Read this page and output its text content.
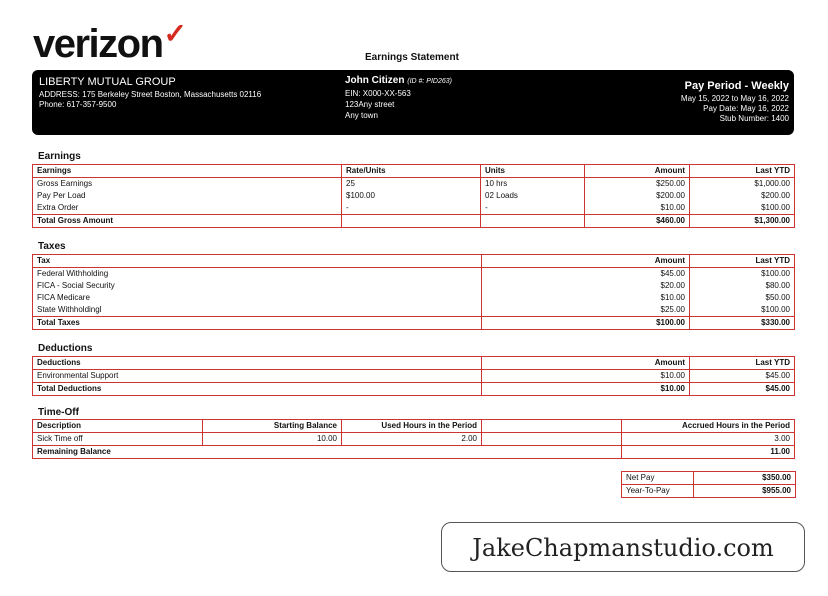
verizon✓
Earnings Statement
LIBERTY MUTUAL GROUP
ADDRESS: 175 Berkeley Street Boston, Massachusetts 02116
Phone: 617-357-9500
John Citizen (ID #: PID263)
EIN: X000-XX-563
123Any street
Any town
Pay Period - Weekly
May 15, 2022 to May 16, 2022
Pay Date: May 16, 2022
Stub Number: 1400
Earnings
Earnings	Rate/Units	Units	Amount	Last YTD
Gross Earnings	25	10 hrs	$250.00	$1,000.00
Pay Per Load	$100.00	02 Loads	$200.00	$200.00
Extra Order	-	-	$10.00	$100.00
Total Gross Amount			$460.00	$1,300.00
Taxes
Tax	Amount	Last YTD
Federal Withholding	$45.00	$100.00
FICA - Social Security	$20.00	$80.00
FICA Medicare	$10.00	$50.00
State Withholdingl	$25.00	$100.00
Total Taxes	$100.00	$330.00
Deductions
Deductions	Amount	Last YTD
Environmental Support	$10.00	$45.00
Total Deductions	$10.00	$45.00
Time-Off
Description	Starting Balance	Used Hours in the Period		Accrued Hours in the Period
Sick Time off	10.00	2.00		3.00
Remaining Balance				11.00
Net Pay	$350.00
Year-To-Pay	$955.00
JakeChapmanstudio.com
